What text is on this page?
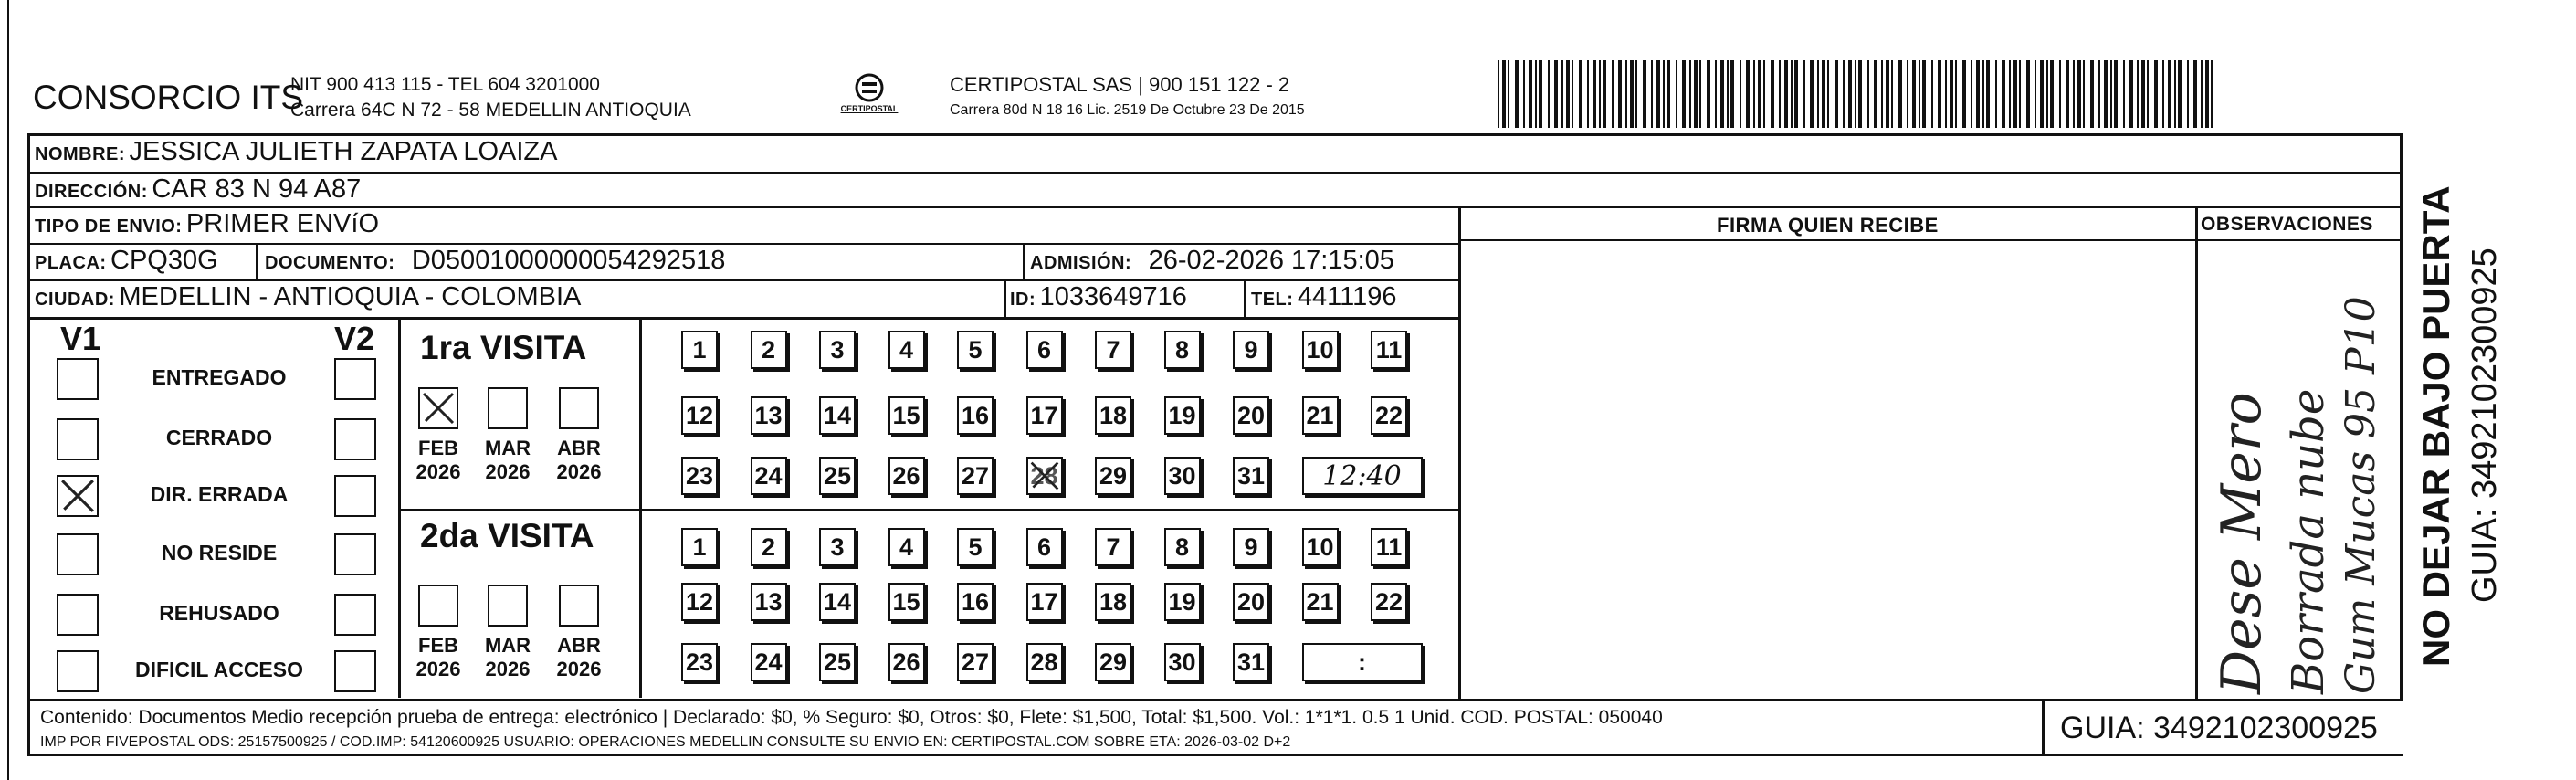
CONSORCIO ITS
NIT 900 413 115 - TEL 604 3201000
Carrera 64C N 72 - 58 MEDELLIN ANTIOQUIA	CERTIPOSTAL
CERTIPOSTAL SAS | 900 151 122 - 2
Carrera 80d N 18 16 Lic. 2519 De Octubre 23 De 2015
NOMBRE: JESSICA JULIETH ZAPATA LOAIZA
DIRECCIÓN: CAR 83 N 94 A87
TIPO DE ENVIO: PRIMER ENVíO
PLACA: CPQ30G	DOCUMENTO: D05001000000054292518	ADMISIÓN: 26-02-2026 17:15:05
CIUDAD: MEDELLIN - ANTIOQUIA - COLOMBIA	ID: 1033649716	TEL: 4411196
FIRMA QUIEN RECIBE	OBSERVACIONES
Dese Mero Borrada nube Gum Mucas 95 P10
V1	V2
ENTREGADO
CERRADO
DIR. ERRADA
NO RESIDE
REHUSADO
DIFICIL ACCESO
1ra VISITA
FEB
2026
MAR
2026
ABR
2026
1	2	3	4	5	6	7	8	9	10 11
12 13 14 15 16 17 18 19 20 21 22
23 24 25 26 27 28 29 30 31	12:40
2da VISITA
FEB
2026
MAR
2026
ABR
2026
1	2	3	4	5	6	7	8	9	10 11
12 13 14 15 16 17 18 19 20 21 22
23 24 25 26 27 28 29 30 31	:
Contenido: Documentos Medio recepción prueba de entrega: electrónico | Declarado: $0, % Seguro: $0, Otros: $0, Flete: $1,500, Total: $1,500. Vol.: 1*1*1. 0.5 1 Unid. COD. POSTAL: 050040
IMP POR FIVEPOSTAL ODS: 25157500925 / COD.IMP: 54120600925 USUARIO: OPERACIONES MEDELLIN CONSULTE SU ENVIO EN: CERTIPOSTAL.COM SOBRE ETA: 2026-03-02 D+2	GUIA: 3492102300925
NO DEJAR BAJO PUERTA GUIA: 3492102300925
